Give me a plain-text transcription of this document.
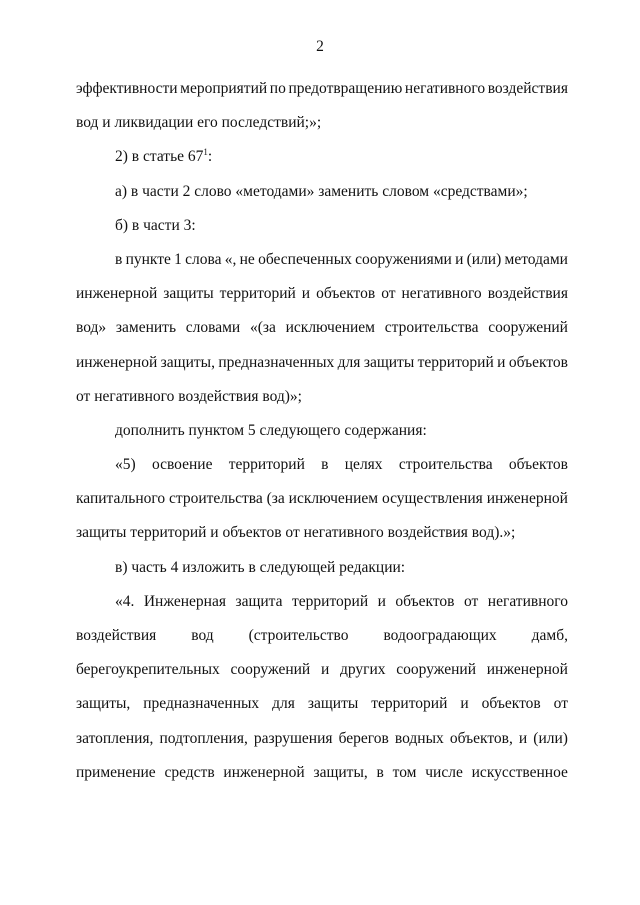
2
эффективности мероприятий по предотвращению негативного воздействия
вод и ликвидации его последствий;»;
2) в статье $67^1$:
а) в части 2 слово «методами» заменить словом «средствами»;
б) в части 3:
в пункте 1 слова «, не обеспеченных сооружениями и (или) методами
инженерной защиты территорий и объектов от негативного воздействия
вод» заменить словами «(за исключением строительства сооружений
инженерной защиты, предназначенных для защиты территорий и объектов
от негативного воздействия вод)»;
дополнить пунктом 5 следующего содержания:
«5) освоение территорий в целях строительства объектов
капитального строительства (за исключением осуществления инженерной
защиты территорий и объектов от негативного воздействия вод).»;
в) часть 4 изложить в следующей редакции:
«4. Инженерная защита территорий и объектов от негативного
воздействия вод (строительство водооградающих дамб,
берегоукрепительных сооружений и других сооружений инженерной
защиты, предназначенных для защиты территорий и объектов от
затопления, подтопления, разрушения берегов водных объектов, и (или)
применение средств инженерной защиты, в том числе искусственное
